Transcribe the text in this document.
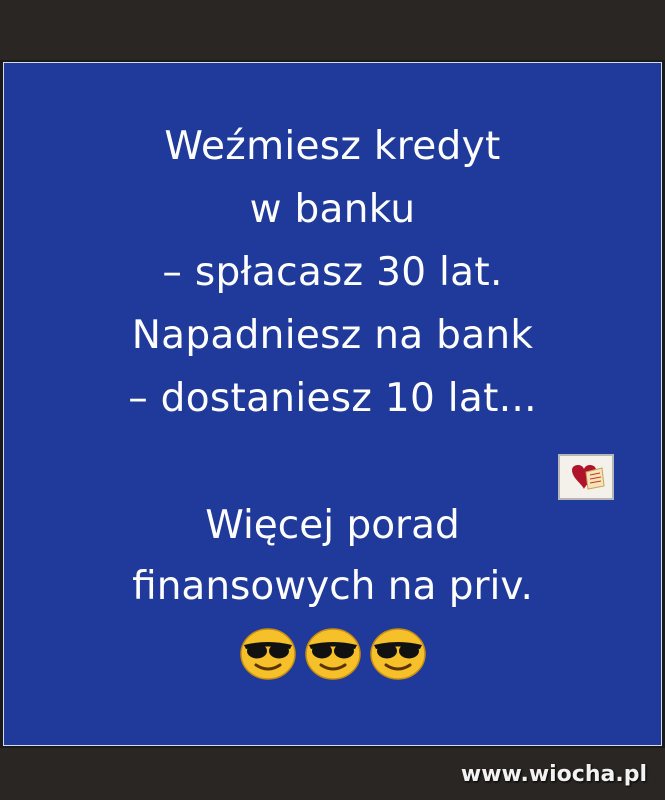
Weźmiesz kredyt
w banku
– spłacasz 30 lat.
Napadniesz na bank
– dostaniesz 10 lat...
Więcej porad
finansowych na priv.
www.wiocha.pl
